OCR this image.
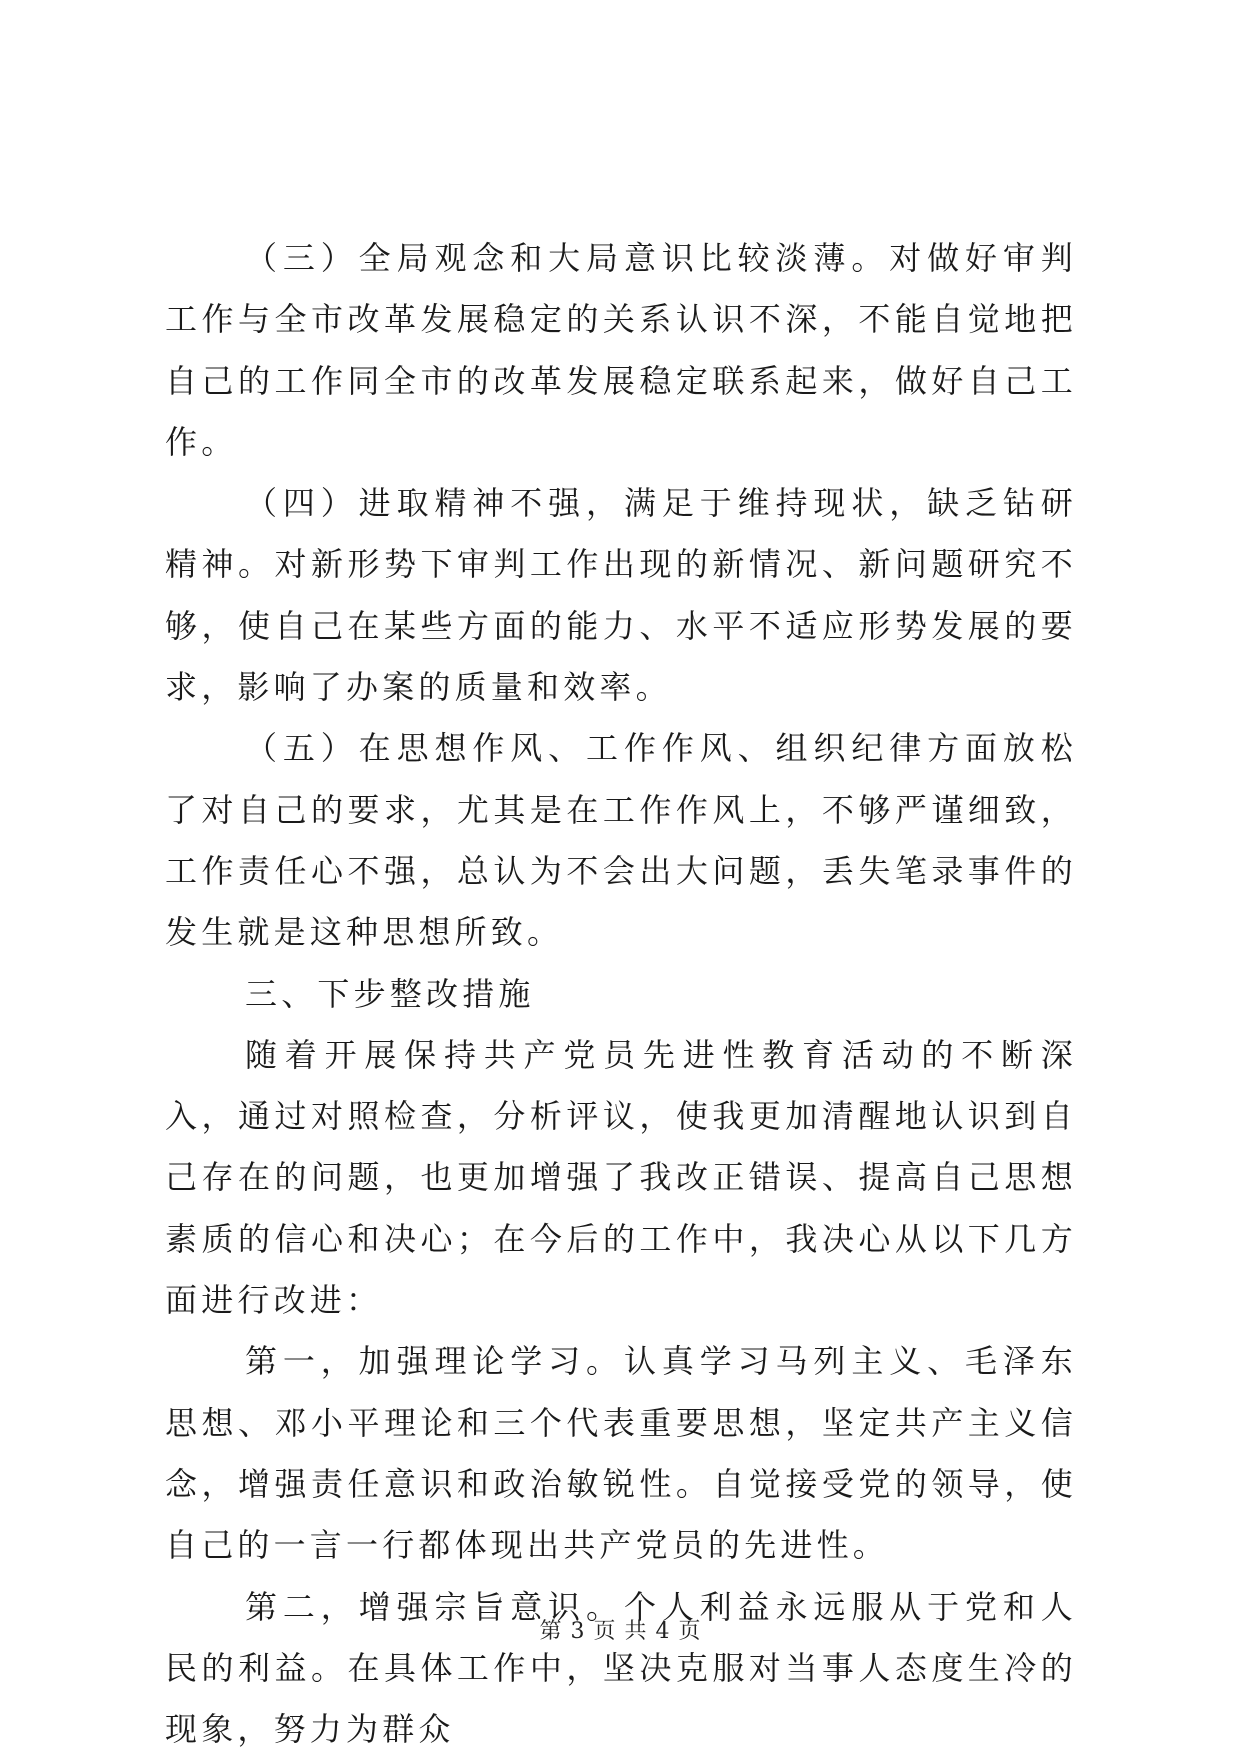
（三）全局观念和大局意识比较淡薄。对做好审判工作与全市改革发展稳定的关系认识不深，不能自觉地把自己的工作同全市的改革发展稳定联系起来，做好自己工作。

（四）进取精神不强，满足于维持现状，缺乏钻研精神。对新形势下审判工作出现的新情况、新问题研究不够，使自己在某些方面的能力、水平不适应形势发展的要求，影响了办案的质量和效率。

（五）在思想作风、工作作风、组织纪律方面放松了对自己的要求，尤其是在工作作风上，不够严谨细致，工作责任心不强，总认为不会出大问题，丢失笔录事件的发生就是这种思想所致。

三、下步整改措施

随着开展保持共产党员先进性教育活动的不断深入，通过对照检查，分析评议，使我更加清醒地认识到自己存在的问题，也更加增强了我改正错误、提高自己思想素质的信心和决心；在今后的工作中，我决心从以下几方面进行改进：

第一，加强理论学习。认真学习马列主义、毛泽东思想、邓小平理论和三个代表重要思想，坚定共产主义信念，增强责任意识和政治敏锐性。自觉接受党的领导，使自己的一言一行都体现出共产党员的先进性。

第二，增强宗旨意识。个人利益永远服从于党和人民的利益。在具体工作中，坚决克服对当事人态度生冷的现象，努力为群众

第 3 页 共 4 页
